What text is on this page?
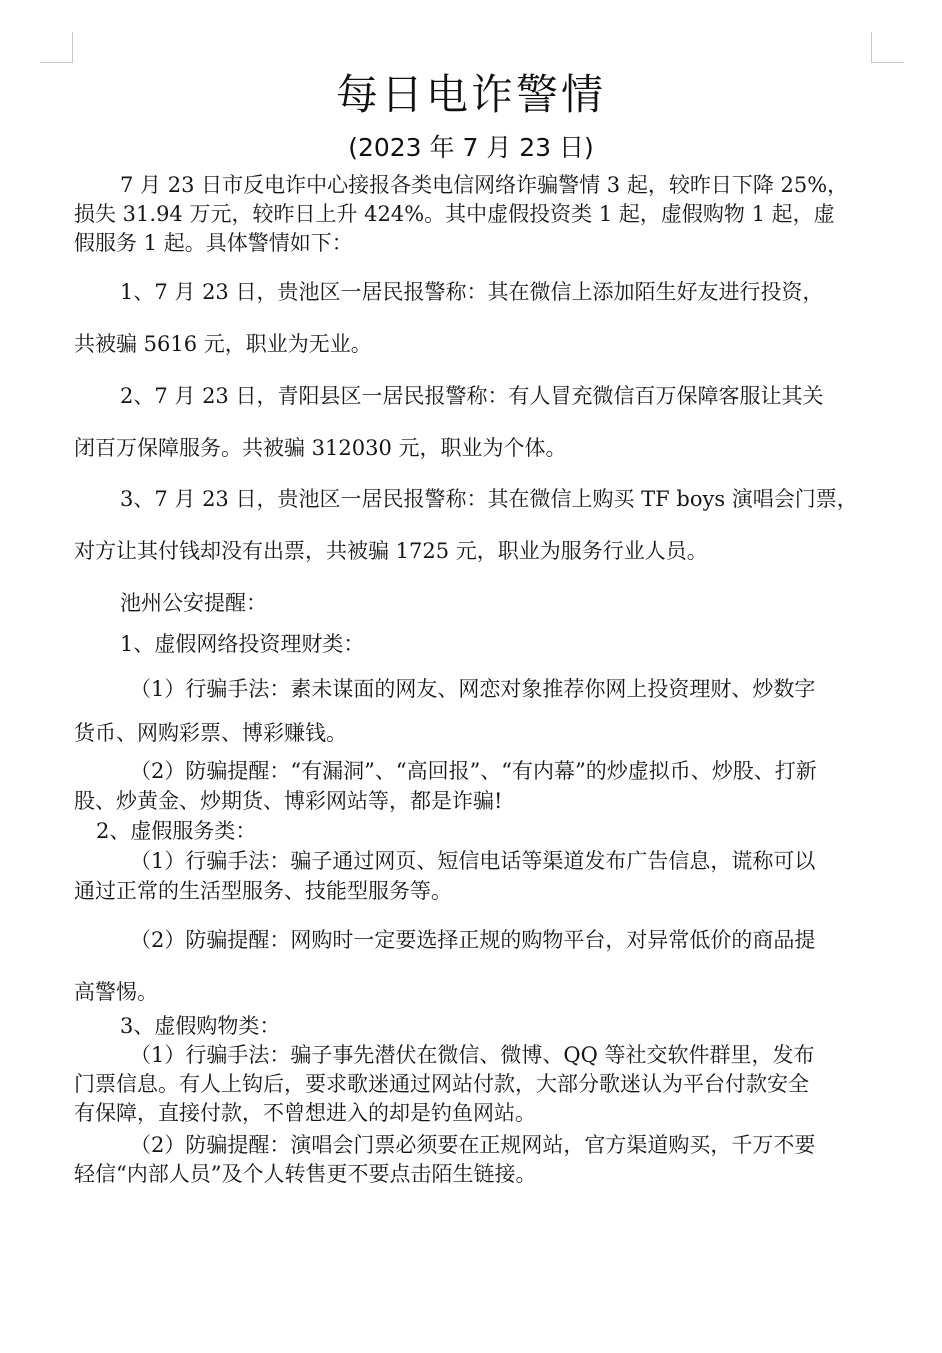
每日电诈警情
(2023 年 7 月 23 日)
7 月 23 日市反电诈中心接报各类电信网络诈骗警情 3 起，较昨日下降 25%，
损失 31.94 万元，较昨日上升 424%。其中虚假投资类 1 起，虚假购物 1 起，虚
假服务 1 起。具体警情如下：
1、7 月 23 日，贵池区一居民报警称：其在微信上添加陌生好友进行投资，
共被骗 5616 元，职业为无业。
2、7 月 23 日，青阳县区一居民报警称：有人冒充微信百万保障客服让其关
闭百万保障服务。共被骗 312030 元，职业为个体。
3、7 月 23 日，贵池区一居民报警称：其在微信上购买 TF boys 演唱会门票，
对方让其付钱却没有出票，共被骗 1725 元，职业为服务行业人员。
池州公安提醒：
1、虚假网络投资理财类：
（1）行骗手法：素未谋面的网友、网恋对象推荐你网上投资理财、炒数字
货币、网购彩票、博彩赚钱。
（2）防骗提醒：“有漏洞”、“高回报”、“有内幕”的炒虚拟币、炒股、打新
股、炒黄金、炒期货、博彩网站等，都是诈骗!
2、虚假服务类：
（1）行骗手法：骗子通过网页、短信电话等渠道发布广告信息，谎称可以
通过正常的生活型服务、技能型服务等。
（2）防骗提醒：网购时一定要选择正规的购物平台，对异常低价的商品提
高警惕。
3、虚假购物类：
（1）行骗手法：骗子事先潜伏在微信、微博、QQ 等社交软件群里，发布
门票信息。有人上钩后，要求歌迷通过网站付款，大部分歌迷认为平台付款安全
有保障，直接付款，不曾想进入的却是钓鱼网站。
（2）防骗提醒：演唱会门票必须要在正规网站，官方渠道购买，千万不要
轻信“内部人员”及个人转售更不要点击陌生链接。
